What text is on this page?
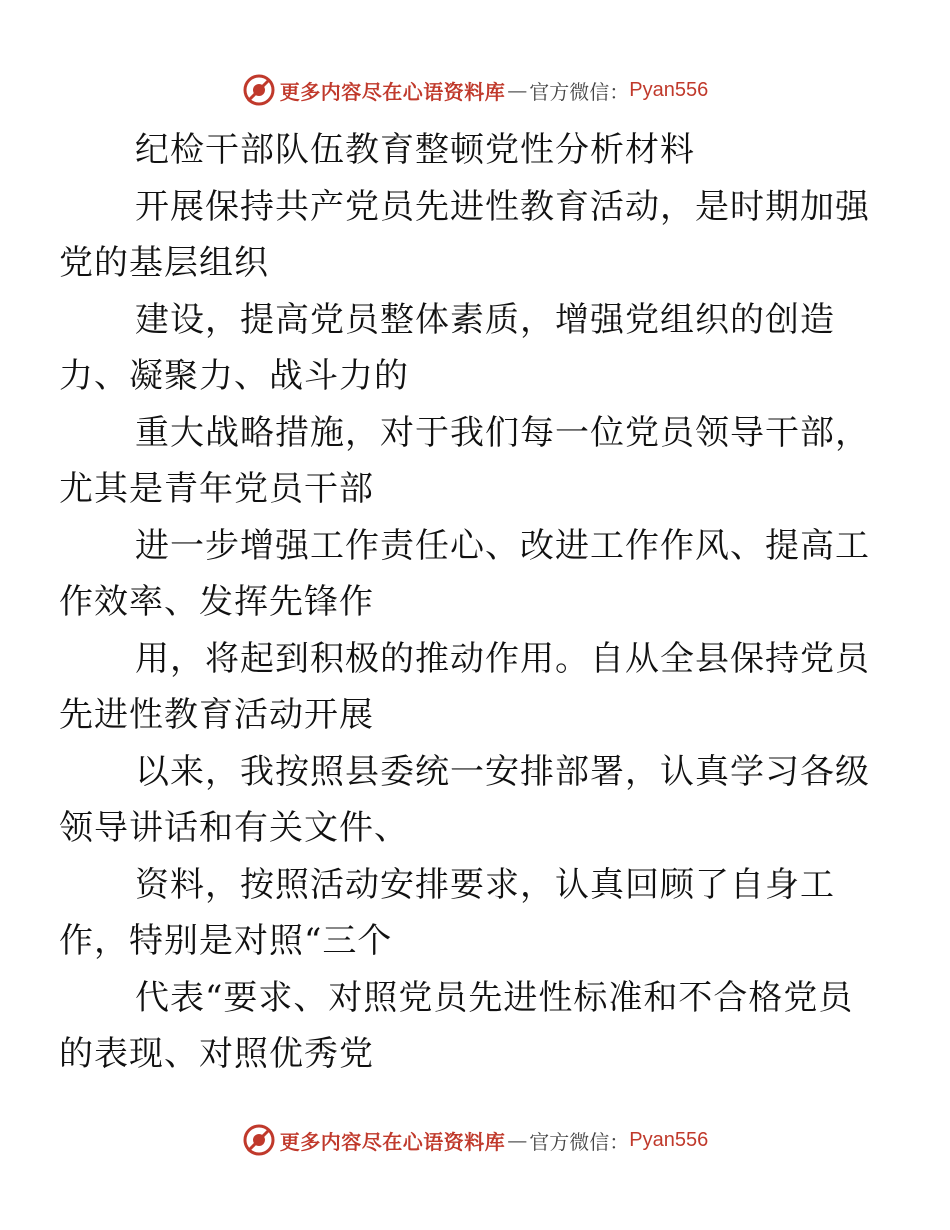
更多内容尽在心语资料库 — 官方微信： Pyan556

纪检干部队伍教育整顿党性分析材料

开展保持共产党员先进性教育活动，是时期加强
党的基层组织

建设，提高党员整体素质，增强党组织的创造
力、凝聚力、战斗力的

重大战略措施，对于我们每一位党员领导干部，
尤其是青年党员干部

进一步增强工作责任心、改进工作作风、提高工
作效率、发挥先锋作

用，将起到积极的推动作用。自从全县保持党员
先进性教育活动开展

以来，我按照县委统一安排部署，认真学习各级
领导讲话和有关文件、

资料，按照活动安排要求，认真回顾了自身工
作，特别是对照“三个

代表“要求、对照党员先进性标准和不合格党员
的表现、对照优秀党

更多内容尽在心语资料库 — 官方微信： Pyan556
